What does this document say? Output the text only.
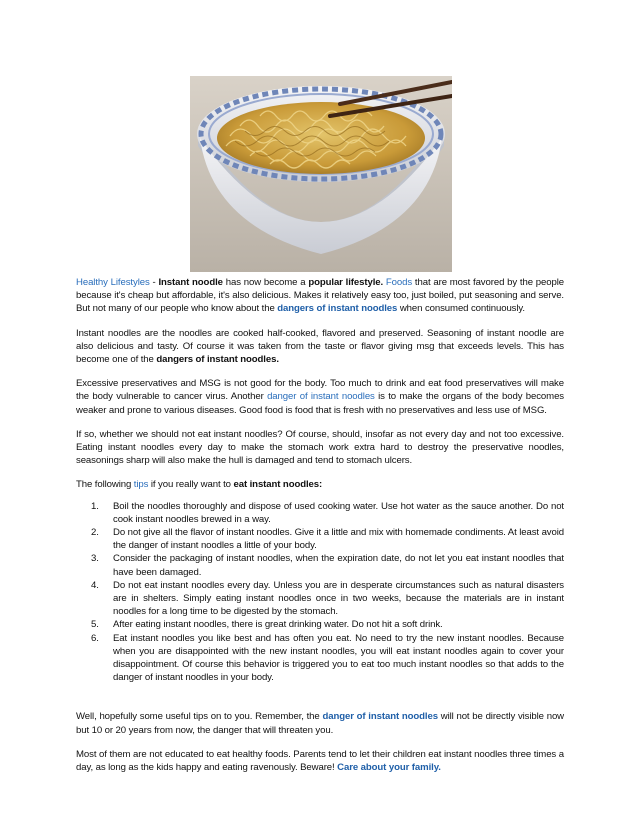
Healthy Lifestyles - Instant noodle has now become a popular lifestyle. Foods that are most favored by the people because it's cheap but affordable, it's also delicious. Makes it relatively easy too, just boiled, put seasoning and serve. But not many of our people who know about the dangers of instant noodles when consumed continuously.

Instant noodles are the noodles are cooked half-cooked, flavored and preserved. Seasoning of instant noodle are also delicious and tasty. Of course it was taken from the taste or flavor giving msg that exceeds levels. This has become one of the dangers of instant noodles.

Excessive preservatives and MSG is not good for the body. Too much to drink and eat food preservatives will make the body vulnerable to cancer virus. Another danger of instant noodles is to make the organs of the body becomes weaker and prone to various diseases. Good food is food that is fresh with no preservatives and less use of MSG.

If so, whether we should not eat instant noodles? Of course, should, insofar as not every day and not too excessive. Eating instant noodles every day to make the stomach work extra hard to destroy the preservative noodles, seasonings sharp will also make the hull is damaged and tend to stomach ulcers.

The following tips if you really want to eat instant noodles:

1. Boil the noodles thoroughly and dispose of used cooking water. Use hot water as the sauce another. Do not cook instant noodles brewed in a way.
2. Do not give all the flavor of instant noodles. Give it a little and mix with homemade condiments. At least avoid the danger of instant noodles a little of your body.
3. Consider the packaging of instant noodles, when the expiration date, do not let you eat instant noodles that have been damaged.
4. Do not eat instant noodles every day. Unless you are in desperate circumstances such as natural disasters are in shelters. Simply eating instant noodles once in two weeks, because the materials are in instant noodles for a long time to be digested by the stomach.
5. After eating instant noodles, there is great drinking water. Do not hit a soft drink.
6. Eat instant noodles you like best and has often you eat. No need to try the new instant noodles. Because when you are disappointed with the new instant noodles, you will eat instant noodles again to cover your disappointment. Of course this behavior is triggered you to eat too much instant noodles so that adds to the danger of instant noodles in your body.

Well, hopefully some useful tips on to you. Remember, the danger of instant noodles will not be directly visible now but 10 or 20 years from now, the danger that will threaten you.

Most of them are not educated to eat healthy foods. Parents tend to let their children eat instant noodles three times a day, as long as the kids happy and eating ravenously. Beware! Care about your family.
